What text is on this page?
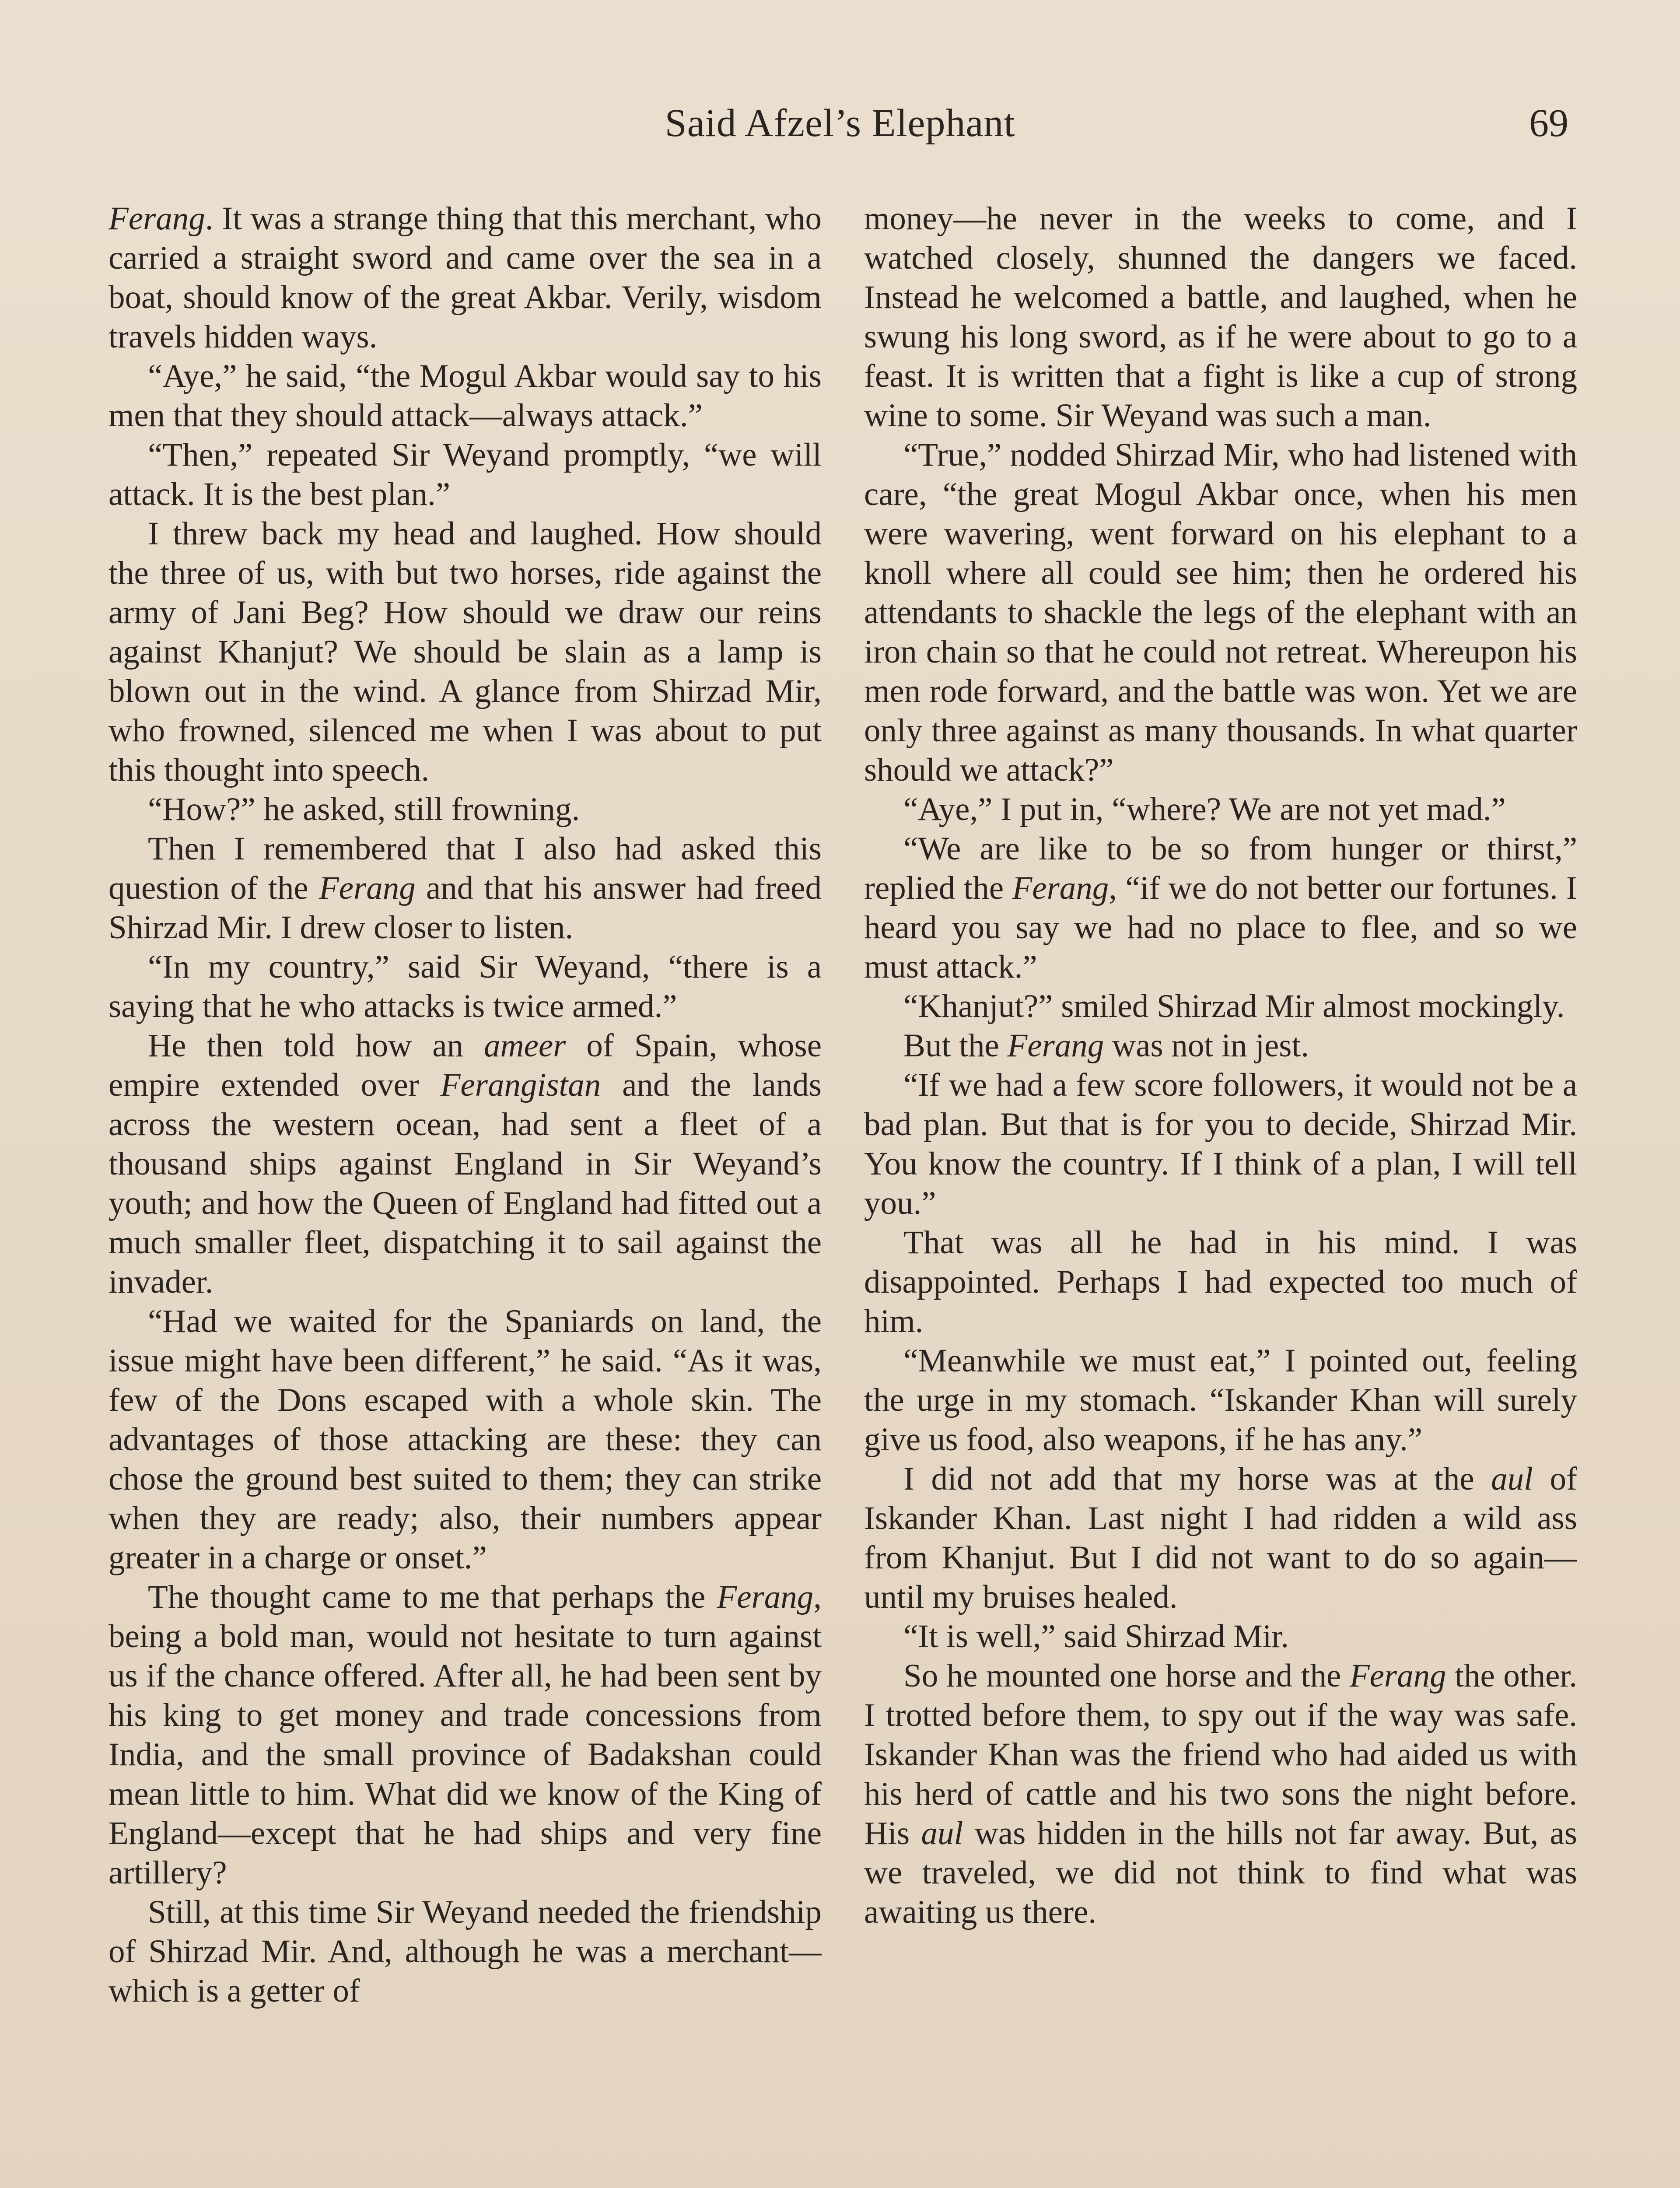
Said Afzel’s Elephant	69

Ferang. It was a strange thing that this merchant, who carried a straight sword and came over the sea in a boat, should know of the great Akbar. Verily, wisdom travels hidden ways.

“Aye,” he said, “the Mogul Akbar would say to his men that they should attack—always attack.”

“Then,” repeated Sir Weyand promptly, “we will attack. It is the best plan.”

I threw back my head and laughed. How should the three of us, with but two horses, ride against the army of Jani Beg? How should we draw our reins against Khanjut? We should be slain as a lamp is blown out in the wind. A glance from Shirzad Mir, who frowned, silenced me when I was about to put this thought into speech.

“How?” he asked, still frowning.

Then I remembered that I also had asked this question of the Ferang and that his answer had freed Shirzad Mir. I drew closer to listen.

“In my country,” said Sir Weyand, “there is a saying that he who attacks is twice armed.”

He then told how an ameer of Spain, whose empire extended over Ferangistan and the lands across the western ocean, had sent a fleet of a thousand ships against England in Sir Weyand’s youth; and how the Queen of England had fitted out a much smaller fleet, dispatching it to sail against the invader.

“Had we waited for the Spaniards on land, the issue might have been different,” he said. “As it was, few of the Dons escaped with a whole skin. The advantages of those attacking are these: they can chose the ground best suited to them; they can strike when they are ready; also, their numbers appear greater in a charge or onset.”

The thought came to me that perhaps the Ferang, being a bold man, would not hesitate to turn against us if the chance offered. After all, he had been sent by his king to get money and trade concessions from India, and the small province of Badakshan could mean little to him. What did we know of the King of England—except that he had ships and very fine artillery?

Still, at this time Sir Weyand needed the friendship of Shirzad Mir. And, although he was a merchant—which is a getter of

money—he never in the weeks to come, and I watched closely, shunned the dangers we faced. Instead he welcomed a battle, and laughed, when he swung his long sword, as if he were about to go to a feast. It is written that a fight is like a cup of strong wine to some. Sir Weyand was such a man.

“True,” nodded Shirzad Mir, who had listened with care, “the great Mogul Akbar once, when his men were wavering, went forward on his elephant to a knoll where all could see him; then he ordered his attendants to shackle the legs of the elephant with an iron chain so that he could not retreat. Whereupon his men rode forward, and the battle was won. Yet we are only three against as many thousands. In what quarter should we attack?”

“Aye,” I put in, “where? We are not yet mad.”

“We are like to be so from hunger or thirst,” replied the Ferang, “if we do not better our fortunes. I heard you say we had no place to flee, and so we must attack.”

“Khanjut?” smiled Shirzad Mir almost mockingly.

But the Ferang was not in jest.

“If we had a few score followers, it would not be a bad plan. But that is for you to decide, Shirzad Mir. You know the country. If I think of a plan, I will tell you.”

That was all he had in his mind. I was disappointed. Perhaps I had expected too much of him.

“Meanwhile we must eat,” I pointed out, feeling the urge in my stomach. “Iskander Khan will surely give us food, also weapons, if he has any.”

I did not add that my horse was at the aul of Iskander Khan. Last night I had ridden a wild ass from Khanjut. But I did not want to do so again—until my bruises healed.

“It is well,” said Shirzad Mir.

So he mounted one horse and the Ferang the other. I trotted before them, to spy out if the way was safe. Iskander Khan was the friend who had aided us with his herd of cattle and his two sons the night before. His aul was hidden in the hills not far away. But, as we traveled, we did not think to find what was awaiting us there.
